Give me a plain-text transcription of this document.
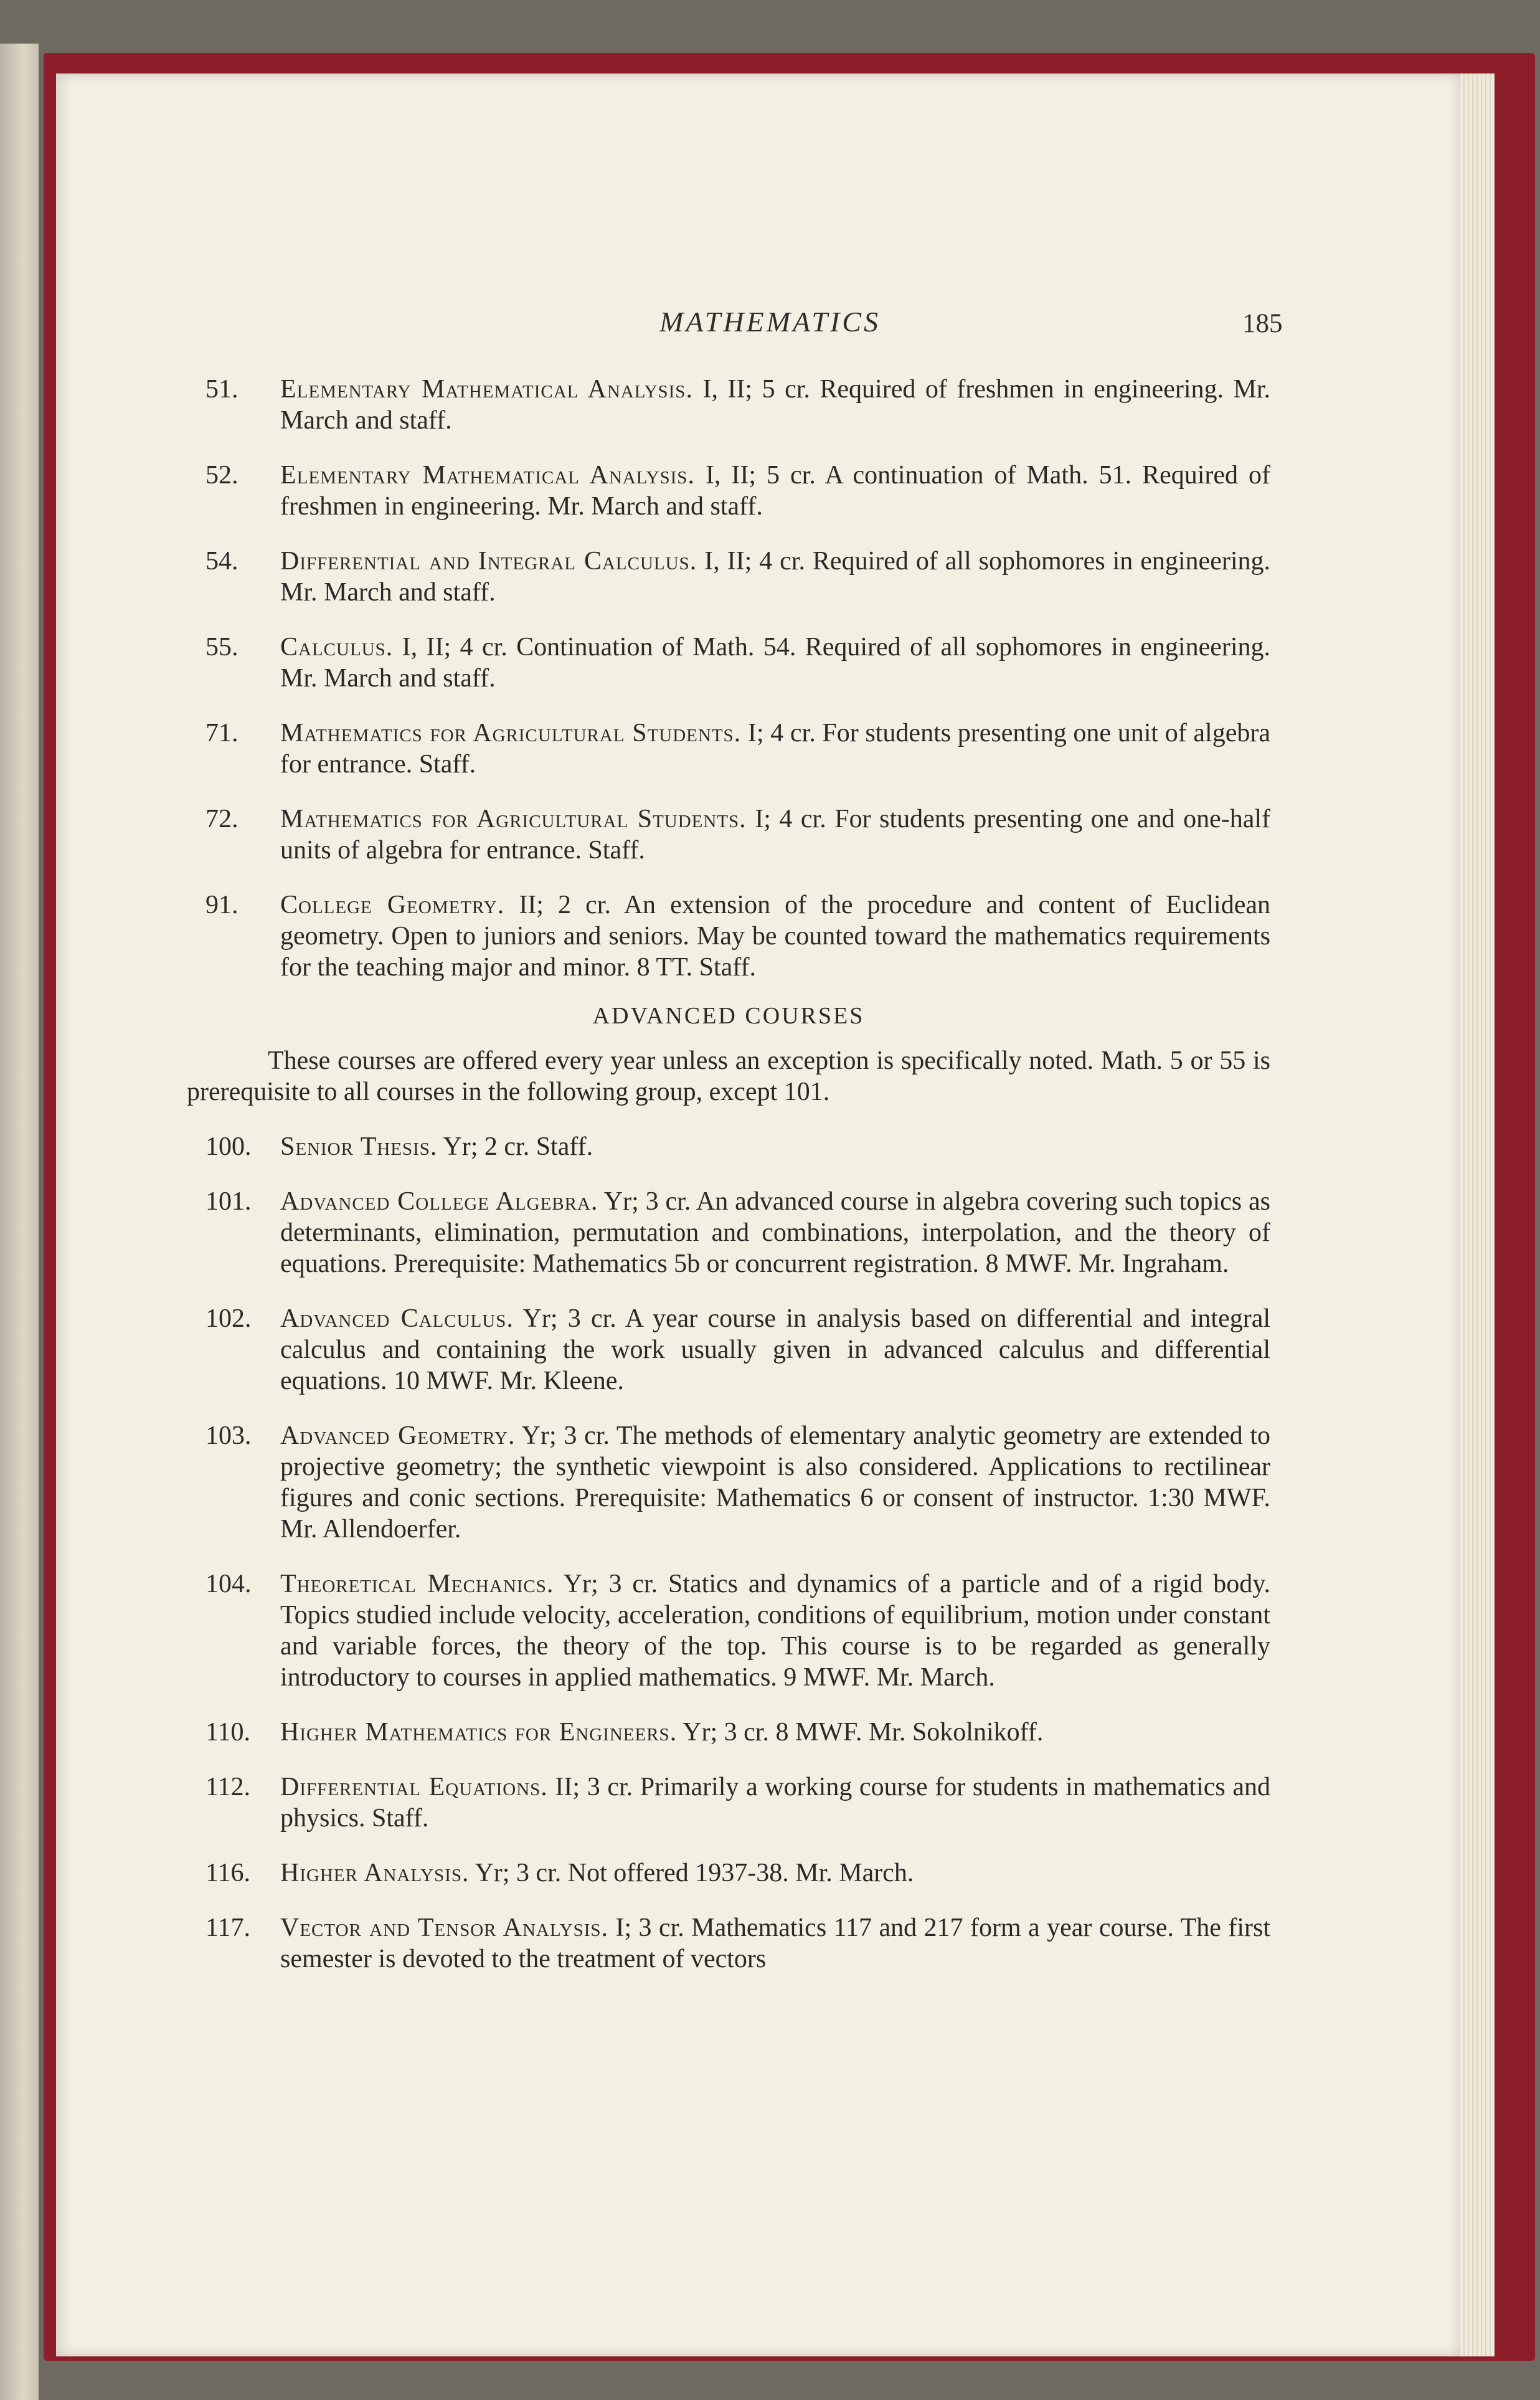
MATHEMATICS	185
51. Elementary Mathematical Analysis. I, II; 5 cr. Required of freshmen in engineering. Mr. March and staff.
52. Elementary Mathematical Analysis. I, II; 5 cr. A continuation of Math. 51. Required of freshmen in engineering. Mr. March and staff.
54. Differential and Integral Calculus. I, II; 4 cr. Required of all sophomores in engineering. Mr. March and staff.
55. Calculus. I, II; 4 cr. Continuation of Math. 54. Required of all sophomores in engineering. Mr. March and staff.
71. Mathematics for Agricultural Students. I; 4 cr. For students presenting one unit of algebra for entrance. Staff.
72. Mathematics for Agricultural Students. I; 4 cr. For students presenting one and one-half units of algebra for entrance. Staff.
91. College Geometry. II; 2 cr. An extension of the procedure and content of Euclidean geometry. Open to juniors and seniors. May be counted toward the mathematics requirements for the teaching major and minor. 8 TT. Staff.
ADVANCED COURSES

These courses are offered every year unless an exception is specifically noted. Math. 5 or 55 is prerequisite to all courses in the following group, except 101.

100. Senior Thesis. Yr; 2 cr. Staff.
101. Advanced College Algebra. Yr; 3 cr. An advanced course in algebra covering such topics as determinants, elimination, permutation and combinations, interpolation, and the theory of equations. Prerequisite: Mathematics 5b or concurrent registration. 8 MWF. Mr. Ingraham.
102. Advanced Calculus. Yr; 3 cr. A year course in analysis based on differential and integral calculus and containing the work usually given in advanced calculus and differential equations. 10 MWF. Mr. Kleene.
103. Advanced Geometry. Yr; 3 cr. The methods of elementary analytic geometry are extended to projective geometry; the synthetic viewpoint is also considered. Applications to rectilinear figures and conic sections. Prerequisite: Mathematics 6 or consent of instructor. 1:30 MWF. Mr. Allendoerfer.
104. Theoretical Mechanics. Yr; 3 cr. Statics and dynamics of a particle and of a rigid body. Topics studied include velocity, acceleration, conditions of equilibrium, motion under constant and variable forces, the theory of the top. This course is to be regarded as generally introductory to courses in applied mathematics. 9 MWF. Mr. March.
110. Higher Mathematics for Engineers. Yr; 3 cr. 8 MWF. Mr. Sokolnikoff.
112. Differential Equations. II; 3 cr. Primarily a working course for students in mathematics and physics. Staff.
116. Higher Analysis. Yr; 3 cr. Not offered 1937-38. Mr. March.
117. Vector and Tensor Analysis. I; 3 cr. Mathematics 117 and 217 form a year course. The first semester is devoted to the treatment of vectors
